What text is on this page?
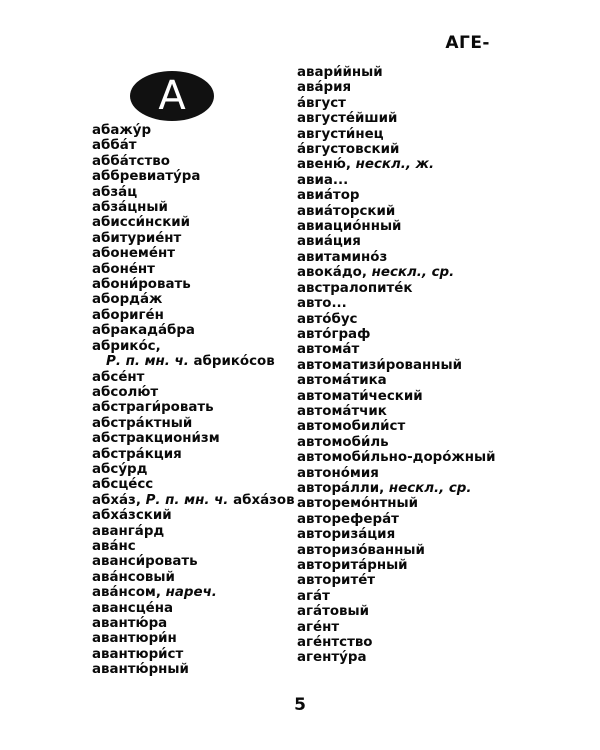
АГЕ-
А
абажу́р
абба́т
абба́тство
аббревиату́ра
абза́ц
абза́цный
абисси́нский
абитурие́нт
абонеме́нт
абоне́нт
абони́ровать
аборда́ж
абориге́н
абракада́бра
абрико́с,
Р. п. мн. ч. абрико́сов
абсе́нт
абсолю́т
абстраги́ровать
абстра́ктный
абстракциони́зм
абстра́кция
абсу́рд
абсце́сс
абха́з, Р. п. мн. ч. абха́зов
абха́зский
аванга́рд
ава́нс
аванси́ровать
ава́нсовый
ава́нсом, нареч.
авансце́на
авантю́ра
авантюри́н
авантюри́ст
авантю́рный
авари́йный
ава́рия
а́вгуст
августе́йший
августи́нец
а́вгустовский
авеню́, нескл., ж.
авиа...
авиа́тор
авиа́торский
авиацио́нный
авиа́ция
авитамино́з
авока́до, нескл., ср.
австралопите́к
авто...
авто́бус
авто́граф
автома́т
автоматизи́рованный
автома́тика
автомати́ческий
автома́тчик
автомобили́ст
автомоби́ль
автомоби́льно-доро́жный
автоно́мия
автора́лли, нескл., ср.
авторемо́нтный
авторефера́т
авториза́ция
авторизо́ванный
авторита́рный
авторите́т
ага́т
ага́товый
аге́нт
аге́нтство
агенту́ра
5
